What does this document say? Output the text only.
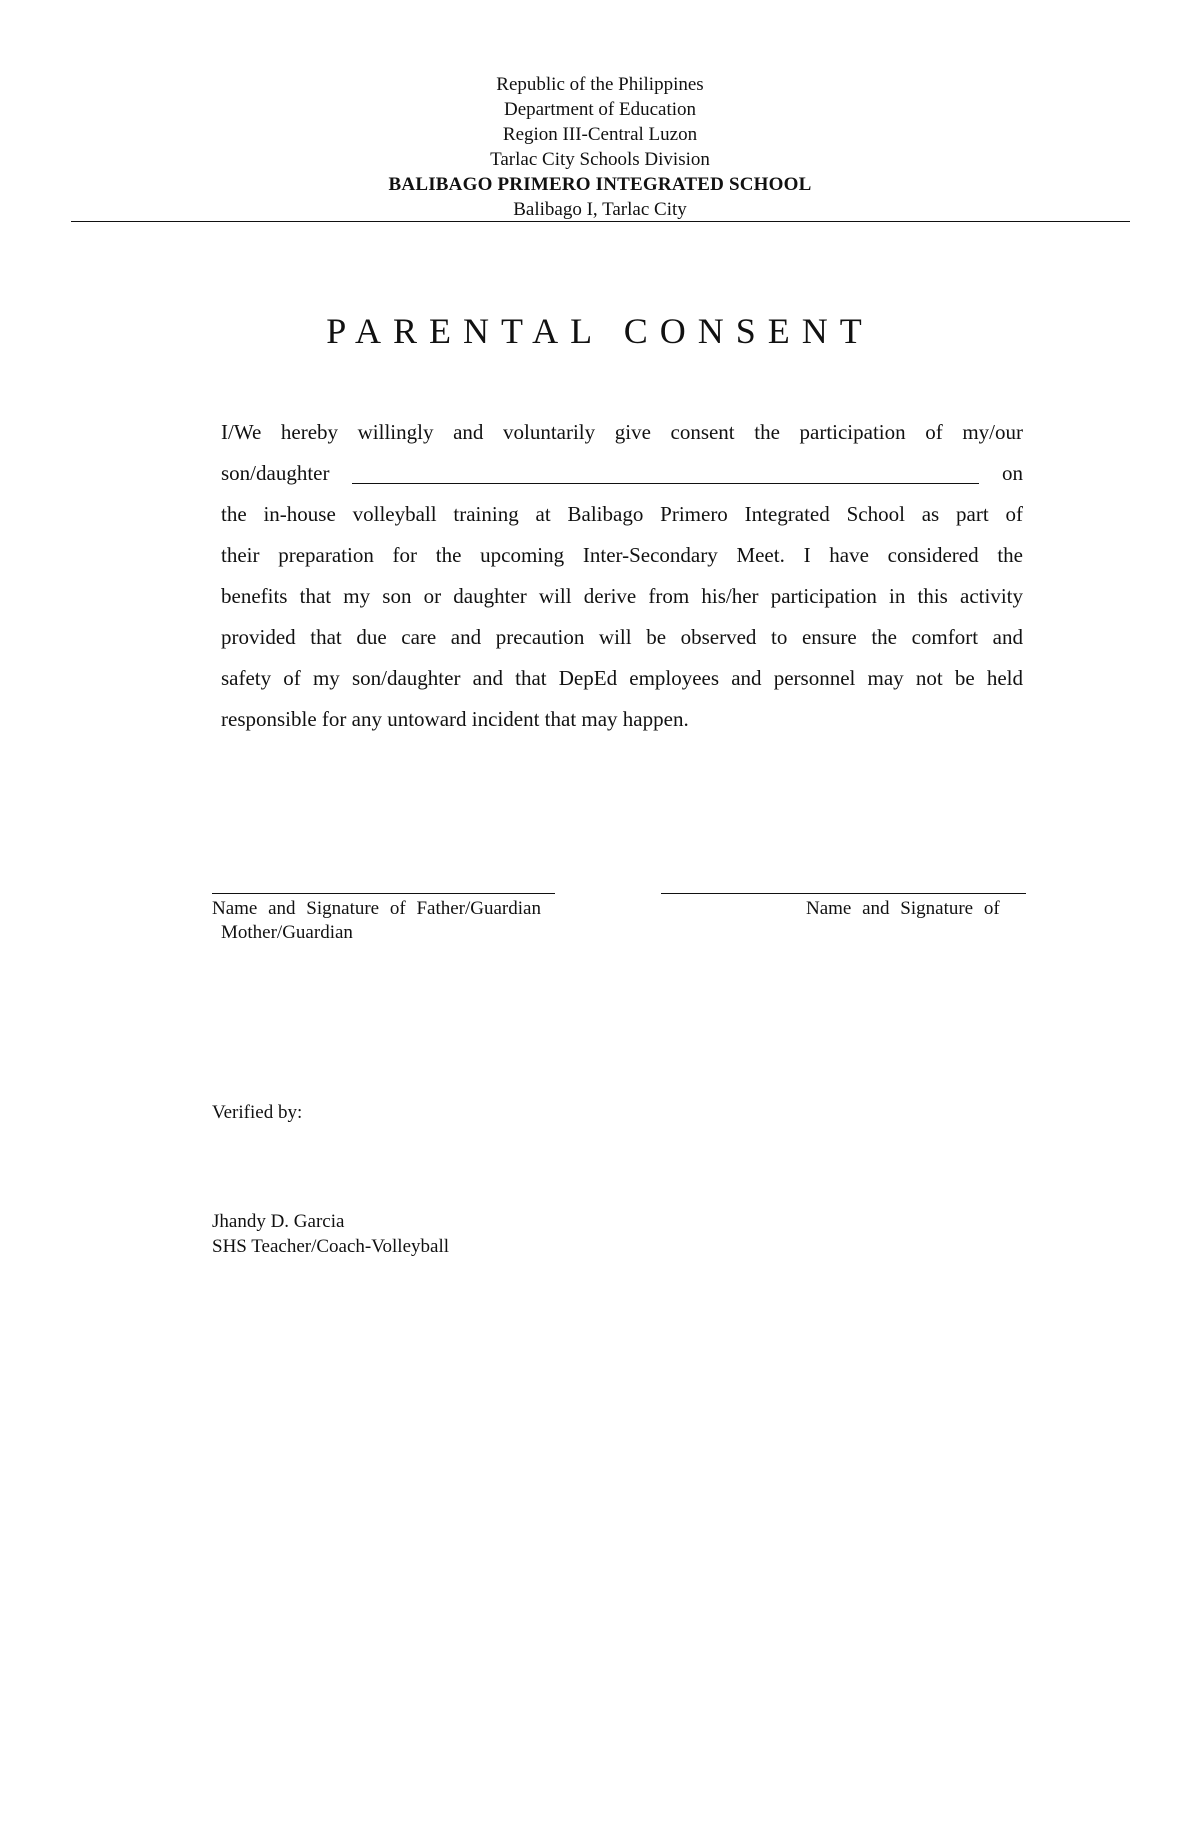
Republic of the Philippines
Department of Education
Region III-Central Luzon
Tarlac City Schools Division
BALIBAGO PRIMERO INTEGRATED SCHOOL
Balibago I, Tarlac City
PARENTAL CONSENT
I/We hereby willingly and voluntarily give consent the participation of my/our
son/daughter	on
the in-house volleyball training at Balibago Primero Integrated School as part of
their preparation for the upcoming Inter-Secondary Meet. I have considered the
benefits that my son or daughter will derive from his/her participation in this activity
provided that due care and precaution will be observed to ensure the comfort and
safety of my son/daughter and that DepEd employees and personnel may not be held
responsible for any untoward incident that may happen.
Name and Signature of Father/Guardian	Name and Signature of
Mother/Guardian
Verified by:
Jhandy D. Garcia
SHS Teacher/Coach-Volleyball
